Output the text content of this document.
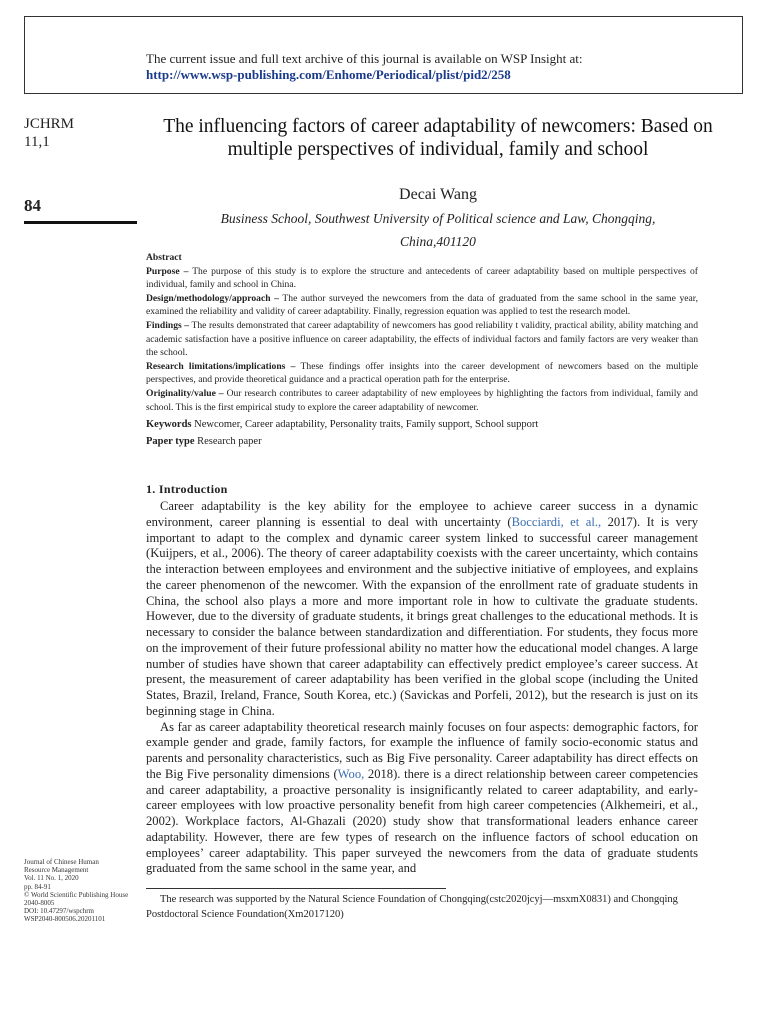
The current issue and full text archive of this journal is available on WSP Insight at:
http://www.wsp-publishing.com/Enhome/Periodical/plist/pid2/258
JCHRM
11,1
84
The influencing factors of career adaptability of newcomers: Based on multiple perspectives of individual, family and school
Decai Wang
Business School, Southwest University of Political science and Law, Chongqing,
China,401120

Abstract

Purpose – The purpose of this study is to explore the structure and antecedents of career adaptability based on multiple perspectives of individual, family and school in China.

Design/methodology/approach – The author surveyed the newcomers from the data of graduated from the same school in the same year, examined the reliability and validity of career adaptability. Finally, regression equation was applied to test the research model.

Findings – The results demonstrated that career adaptability of newcomers has good reliability t validity, practical ability, ability matching and academic satisfaction have a positive influence on career adaptability, the effects of individual factors and family factors are very weaker than the school.

Research limitations/implications – These findings offer insights into the career development of newcomers based on the multiple perspectives, and provide theoretical guidance and a practical operation path for the enterprise.

Originality/value – Our research contributes to career adaptability of new employees by highlighting the factors from individual, family and school. This is the first empirical study to explore the career adaptability of newcomer.

Keywords Newcomer, Career adaptability, Personality traits, Family support, School support

Paper type Research paper

1. Introduction

Career adaptability is the key ability for the employee to achieve career success in a dynamic environment, career planning is essential to deal with uncertainty (Bocciardi, et al., 2017). It is very important to adapt to the complex and dynamic career system linked to successful career management (Kuijpers, et al., 2006). The theory of career adaptability coexists with the career uncertainty, which contains the interaction between employees and environment and the subjective initiative of employees, and explains the career phenomenon of the newcomer. With the expansion of the enrollment rate of graduate students in China, the school also plays a more and more important role in how to cultivate the graduate students. However, due to the diversity of graduate students, it brings great challenges to the educational methods. It is necessary to consider the balance between standardization and differentiation. For students, they focus more on the improvement of their future professional ability no matter how the educational model changes. A large number of studies have shown that career adaptability can effectively predict employee’s career success. At present, the measurement of career adaptability has been verified in the global scope (including the United States, Brazil, Ireland, France, South Korea, etc.) (Savickas and Porfeli, 2012), but the research is just on its beginning stage in China.

As far as career adaptability theoretical research mainly focuses on four aspects: demographic factors, for example gender and grade, family factors, for example the influence of family socio-economic status and parents and personality characteristics, such as Big Five personality. Career adaptability has direct effects on the Big Five personality dimensions (Woo, 2018). there is a direct relationship between career competencies and career adaptability, a proactive personality is insignificantly related to career adaptability, and early-career employees with low proactive personality benefit from high career competencies (Alkhemeiri, et al., 2002). Workplace factors, Al-Ghazali (2020) study show that transformational leaders enhance career adaptability. However, there are few types of research on the influence factors of school education on employees’ career adaptability. This paper surveyed the newcomers from the data of graduate students graduated from the same school in the same year, and

Journal of Chinese Human
Resource Management
Vol. 11 No. 1, 2020
pp. 84-91
© World Scientific Publishing House
2040-8005
DOI: 10.47297/wspchrm
WSP2040-800506.20201101

The research was supported by the Natural Science Foundation of Chongqing(cstc2020jcyj—msxmX0831) and Chongqing Postdoctoral Science Foundation(Xm2017120)
